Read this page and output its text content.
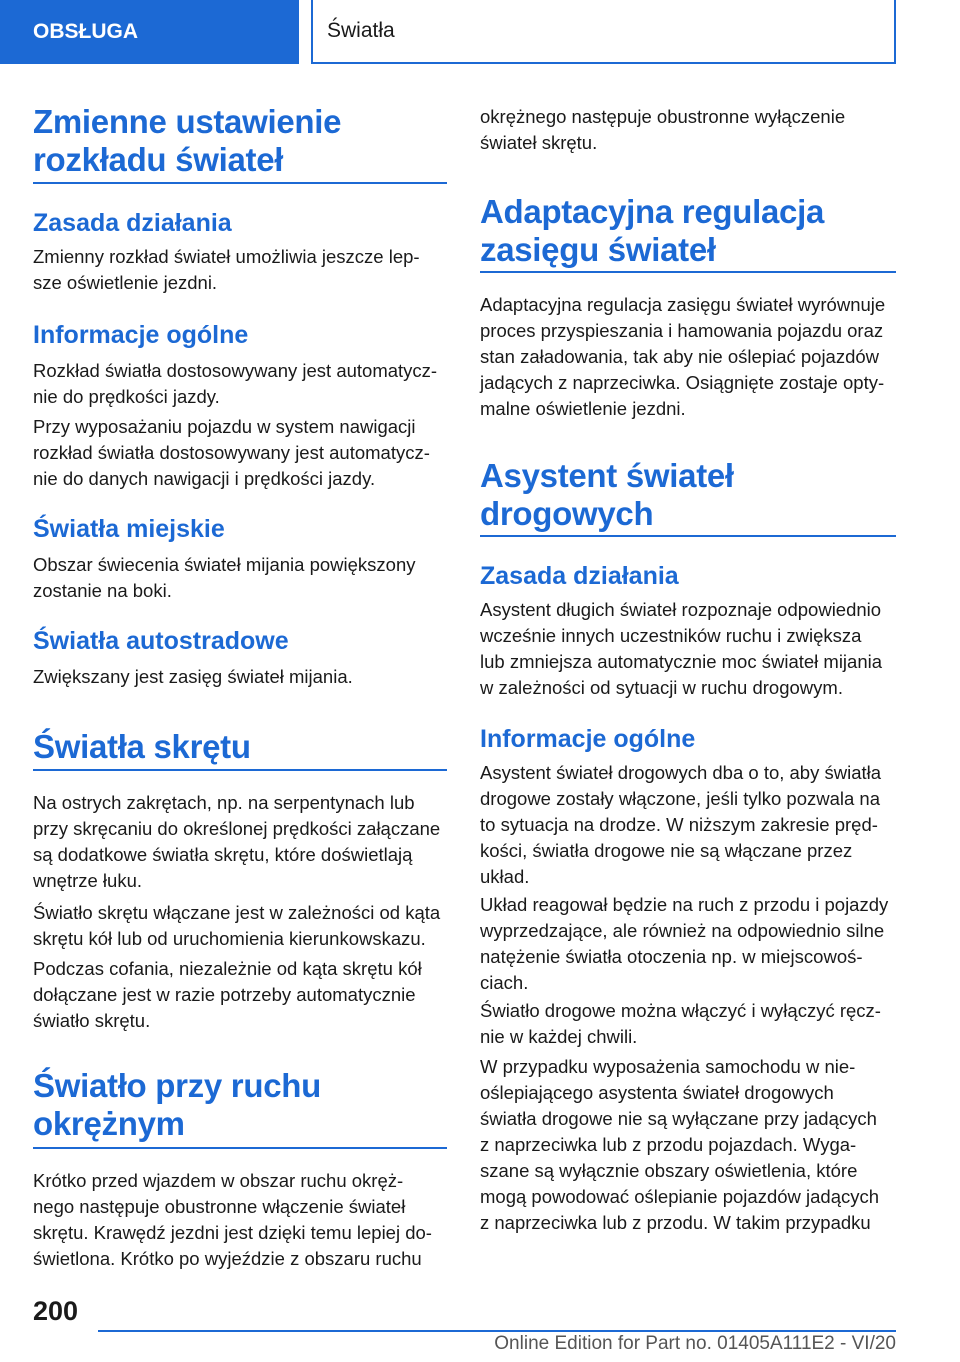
OBSŁUGA	Światła
Zmienne ustawienie
rozkładu świateł
Zasada działania
Zmienny rozkład świateł umożliwia jeszcze lep-
sze oświetlenie jezdni.
Informacje ogólne
Rozkład światła dostosowywany jest automatycz-
nie do prędkości jazdy.
Przy wyposażaniu pojazdu w system nawigacji
rozkład światła dostosowywany jest automatycz-
nie do danych nawigacji i prędkości jazdy.
Światła miejskie
Obszar świecenia świateł mijania powiększony
zostanie na boki.
Światła autostradowe
Zwiększany jest zasięg świateł mijania.
Światła skrętu
Na ostrych zakrętach, np. na serpentynach lub
przy skręcaniu do określonej prędkości załączane
są dodatkowe światła skrętu, które doświetlają
wnętrze łuku.
Światło skrętu włączane jest w zależności od kąta
skrętu kół lub od uruchomienia kierunkowskazu.
Podczas cofania, niezależnie od kąta skrętu kół
dołączane jest w razie potrzeby automatycznie
światło skrętu.
Światło przy ruchu
okrężnym
Krótko przed wjazdem w obszar ruchu okręż-
nego następuje obustronne włączenie świateł
skrętu. Krawędź jezdni jest dzięki temu lepiej do-
świetlona. Krótko po wyjeździe z obszaru ruchu
okrężnego następuje obustronne wyłączenie
świateł skrętu.
Adaptacyjna regulacja
zasięgu świateł
Adaptacyjna regulacja zasięgu świateł wyrównuje
proces przyspieszania i hamowania pojazdu oraz
stan załadowania, tak aby nie oślepiać pojazdów
jadących z naprzeciwka. Osiągnięte zostaje opty-
malne oświetlenie jezdni.
Asystent świateł
drogowych
Zasada działania
Asystent długich świateł rozpoznaje odpowiednio
wcześnie innych uczestników ruchu i zwiększa
lub zmniejsza automatycznie moc świateł mijania
w zależności od sytuacji w ruchu drogowym.
Informacje ogólne
Asystent świateł drogowych dba o to, aby światła
drogowe zostały włączone, jeśli tylko pozwala na
to sytuacja na drodze. W niższym zakresie pręd-
kości, światła drogowe nie są włączane przez
układ.
Układ reagował będzie na ruch z przodu i pojazdy
wyprzedzające, ale również na odpowiednio silne
natężenie światła otoczenia np. w miejscowoś-
ciach.
Światło drogowe można włączyć i wyłączyć ręcz-
nie w każdej chwili.
W przypadku wyposażenia samochodu w nie-
oślepiającego asystenta świateł drogowych
światła drogowe nie są wyłączane przy jadących
z naprzeciwka lub z przodu pojazdach. Wyga-
szane są wyłącznie obszary oświetlenia, które
mogą powodować oślepianie pojazdów jadących
z naprzeciwka lub z przodu. W takim przypadku
200
Online Edition for Part no. 01405A111E2 - VI/20
